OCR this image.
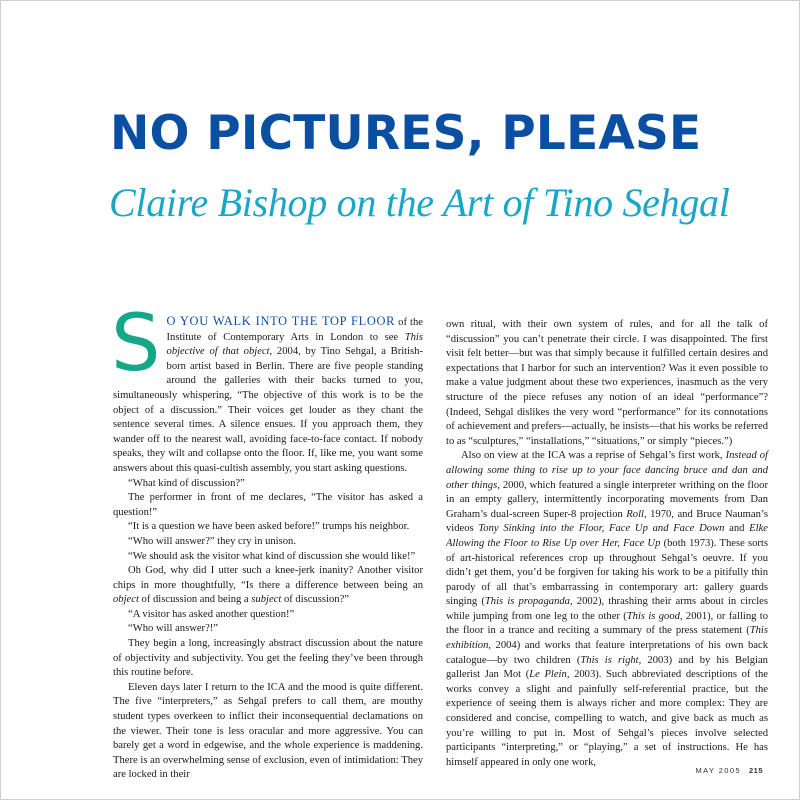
NO PICTURES, PLEASE
Claire Bishop on the Art of Tino Sehgal

S O YOU WALK INTO THE TOP FLOOR of the Institute of Contemporary Arts in London to see This objective of that object, 2004, by Tino Sehgal, a British-born artist based in Berlin. There are five people standing around the galleries with their backs turned to you, simultaneously whispering, “The objective of this work is to be the object of a discussion.” Their voices get louder as they chant the sentence several times. A silence ensues. If you approach them, they wander off to the nearest wall, avoiding face-to-face contact. If nobody speaks, they wilt and collapse onto the floor. If, like me, you want some answers about this quasi-cultish assembly, you start asking questions.

“What kind of discussion?”

The performer in front of me declares, “The visitor has asked a question!”

“It is a question we have been asked before!” trumps his neighbor.

“Who will answer?” they cry in unison.

“We should ask the visitor what kind of discussion she would like!”

Oh God, why did I utter such a knee-jerk inanity? Another visitor chips in more thoughtfully, “Is there a difference between being an object of discussion and being a subject of discussion?”

“A visitor has asked another question!”

“Who will answer?!”

They begin a long, increasingly abstract discussion about the nature of objectivity and subjectivity. You get the feeling they’ve been through this routine before.

Eleven days later I return to the ICA and the mood is quite different. The five “interpreters,” as Sehgal prefers to call them, are mouthy student types overkeen to inflict their inconsequential declamations on the viewer. Their tone is less oracular and more aggressive. You can barely get a word in edgewise, and the whole experience is maddening. There is an overwhelming sense of exclusion, even of intimidation: They are locked in their

own ritual, with their own system of rules, and for all the talk of “discussion” you can’t penetrate their circle. I was disappointed. The first visit felt better—but was that simply because it fulfilled certain desires and expectations that I harbor for such an intervention? Was it even possible to make a value judgment about these two experiences, inasmuch as the very structure of the piece refuses any notion of an ideal “performance”? (Indeed, Sehgal dislikes the very word “performance” for its connotations of achievement and prefers—actually, he insists—that his works be referred to as “sculptures,” “installations,” “situations,” or simply “pieces.”)

Also on view at the ICA was a reprise of Sehgal’s first work, Instead of allowing some thing to rise up to your face dancing bruce and dan and other things, 2000, which featured a single interpreter writhing on the floor in an empty gallery, intermittently incorporating movements from Dan Graham’s dual-screen Super-8 projection Roll, 1970, and Bruce Nauman’s videos Tony Sinking into the Floor, Face Up and Face Down and Elke Allowing the Floor to Rise Up over Her, Face Up (both 1973). These sorts of art-historical references crop up throughout Sehgal’s oeuvre. If you didn’t get them, you’d be forgiven for taking his work to be a pitifully thin parody of all that’s embarrassing in contemporary art: gallery guards singing (This is propaganda, 2002), thrashing their arms about in circles while jumping from one leg to the other (This is good, 2001), or falling to the floor in a trance and reciting a summary of the press statement (This exhibition, 2004) and works that feature interpretations of his own back catalogue—by two children (This is right, 2003) and by his Belgian gallerist Jan Mot (Le Plein, 2003). Such abbreviated descriptions of the works convey a slight and painfully self-referential practice, but the experience of seeing them is always richer and more complex: They are considered and concise, compelling to watch, and give back as much as you’re willing to put in. Most of Sehgal’s pieces involve selected participants “interpreting,” or “playing,” a set of instructions. He has himself appeared in only one work,

MAY 2005 215
